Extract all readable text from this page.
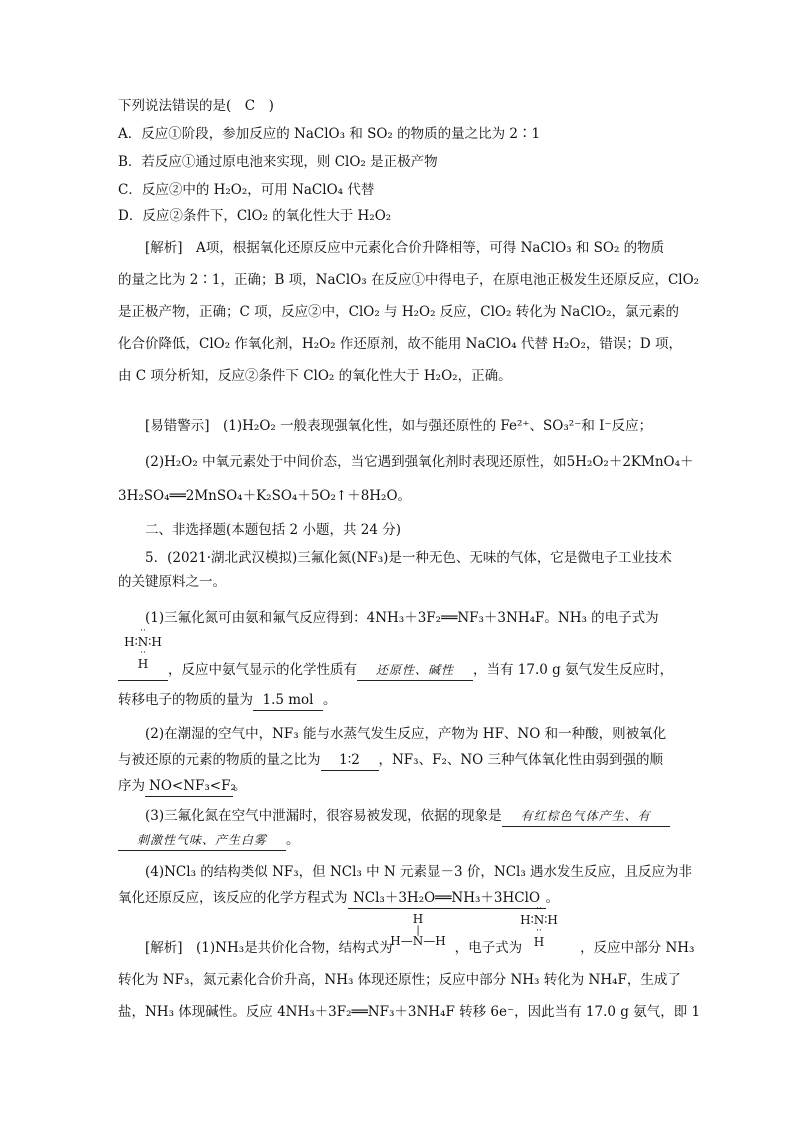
下列说法错误的是(　C　)
A．反应①阶段，参加反应的 NaClO₃ 和 SO₂ 的物质的量之比为 2∶1
B．若反应①通过原电池来实现，则 ClO₂ 是正极产物
C．反应②中的 H₂O₂，可用 NaClO₄ 代替
D．反应②条件下，ClO₂ 的氧化性大于 H₂O₂
[解析]　A项，根据氧化还原反应中元素化合价升降相等，可得 NaClO₃ 和 SO₂ 的物质
的量之比为 2∶1，正确；B 项，NaClO₃ 在反应①中得电子，在原电池正极发生还原反应，ClO₂
是正极产物，正确；C 项，反应②中，ClO₂ 与 H₂O₂ 反应，ClO₂ 转化为 NaClO₂，氯元素的
化合价降低，ClO₂ 作氧化剂，H₂O₂ 作还原剂，故不能用 NaClO₄ 代替 H₂O₂，错误；D 项，
由 C 项分析知，反应②条件下 ClO₂ 的氧化性大于 H₂O₂，正确。
[易错警示]　(1)H₂O₂ 一般表现强氧化性，如与强还原性的 Fe²⁺、SO₃²⁻和 I⁻反应；
(2)H₂O₂ 中氧元素处于中间价态，当它遇到强氧化剂时表现还原性，如5H₂O₂＋2KMnO₄＋
3H₂SO₄══2MnSO₄＋K₂SO₄＋5O₂↑＋8H₂O。
二、非选择题(本题包括 2 小题，共 24 分)
5．(2021·湖北武汉模拟)三氟化氮(NF₃)是一种无色、无味的气体，它是微电子工业技术
的关键原料之一。
(1)三氟化氮可由氨和氟气反应得到：4NH₃＋3F₂══NF₃＋3NH₄F。NH₃ 的电子式为
··
H∶N∶H
··
H	，反应中氨气显示的化学性质有 还原性、碱性 ，当有 17.0 g 氨气发生反应时，
转移电子的物质的量为 1.5 mol 。
(2)在潮湿的空气中，NF₃ 能与水蒸气发生反应，产物为 HF、NO 和一种酸，则被氧化
与被还原的元素的物质的量之比为 1∶2 ，NF₃、F₂、NO 三种气体氧化性由弱到强的顺
序为 NO<NF₃<F₂。
(3)三氟化氮在空气中泄漏时，很容易被发现，依据的现象是 有红棕色气体产生、有
刺激性气味、产生白雾 。
(4)NCl₃ 的结构类似 NF₃，但 NCl₃ 中 N 元素显－3 价，NCl₃ 遇水发生反应，且反应为非
氧化还原反应，该反应的化学方程式为 NCl₃＋3H₂O══NH₃＋3HClO 。
H
|
H—N—H
··
H∶N∶H
··
H
[解析]　(1)NH₃是共价化合物，结构式为	，电子式为	，反应中部分 NH₃
转化为 NF₃，氮元素化合价升高，NH₃ 体现还原性；反应中部分 NH₃ 转化为 NH₄F，生成了
盐，NH₃ 体现碱性。反应 4NH₃＋3F₂══NF₃＋3NH₄F 转移 6e⁻，因此当有 17.0 g 氨气，即 1
